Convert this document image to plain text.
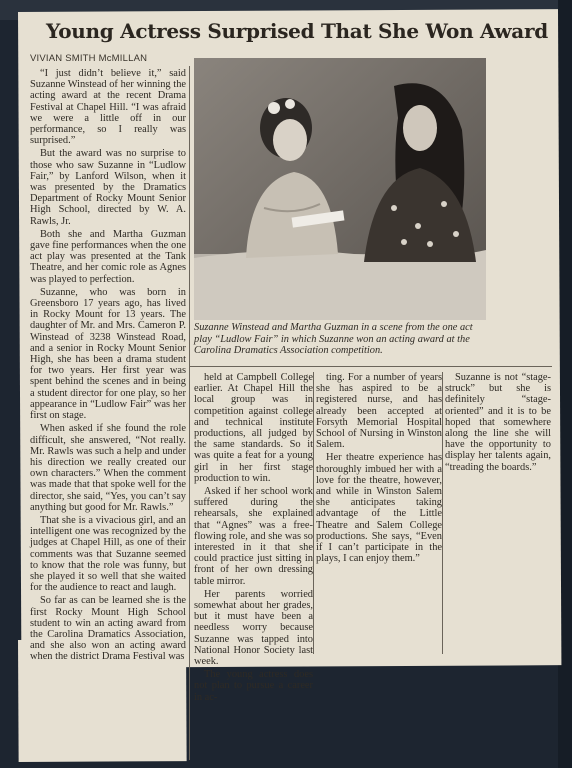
Young Actress Surprised That She Won Award
VIVIAN SMITH McMILLAN

“I just didn’t believe it,” said Suzanne Winstead of her winning the acting award at the recent Drama Festival at Chapel Hill. “I was afraid we were a little off in our performance, so I really was surprised.”

But the award was no surprise to those who saw Suzanne in “Ludlow Fair,” by Lanford Wilson, when it was presented by the Dramatics Department of Rocky Mount Senior High School, directed by W. A. Rawls, Jr.

Both she and Martha Guzman gave fine performances when the one act play was presented at the Tank Theatre, and her comic role as Agnes was played to perfection.

Suzanne, who was born in Greensboro 17 years ago, has lived in Rocky Mount for 13 years. The daughter of Mr. and Mrs. Cameron P. Winstead of 3238 Winstead Road, and a senior in Rocky Mount Senior High, she has been a drama student for two years. Her first year was spent behind the scenes and in being a student director for one play, so her appearance in “Ludlow Fair” was her first on stage.

When asked if she found the role difficult, she answered, “Not really. Mr. Rawls was such a help and under his direction we really created our own characters.” When the comment was made that that spoke well for the director, she said, “Yes, you can’t say anything but good for Mr. Rawls.”

That she is a vivacious girl, and an intelligent one was recognized by the judges at Chapel Hill, as one of their comments was that Suzanne seemed to know that the role was funny, but she played it so well that she waited for the audience to react and laugh.

So far as can be learned she is the first Rocky Mount High School student to win an acting award from the Carolina Dramatics Association, and she also won an acting award when the district Drama Festival was

Suzanne Winstead and Martha Guzman in a scene from the one act play “Ludlow Fair” in which Suzanne won an acting award at the Carolina Dramatics Association competition.

held at Campbell College earlier. At Chapel Hill the local group was in competition against college and technical institute productions, all judged by the same standards. So it was quite a feat for a young girl in her first stage production to win.

Asked if her school work suffered during the rehearsals, she explained that “Agnes” was a free-flowing role, and she was so interested in it that she could practice just sitting in front of her own dressing table mirror.

Her parents worried somewhat about her grades, but it must have been a needless worry because Suzanne was tapped into National Honor Society last week.

The young actress does not plan to pursue a career in ac-

ting. For a number of years she has aspired to be a registered nurse, and has already been accepted at Forsyth Memorial Hospital School of Nursing in Winston Salem.

Her theatre experience has thoroughly imbued her with a love for the theatre, however, and while in Winston Salem she anticipates taking advantage of the Little Theatre and Salem College productions. She says, “Even if I can’t participate in the plays, I can enjoy them.”

Suzanne is not “stage-struck” but she is definitely “stage-oriented” and it is to be hoped that somewhere along the line she will have the opportunity to display her talents again, “treading the boards.”
